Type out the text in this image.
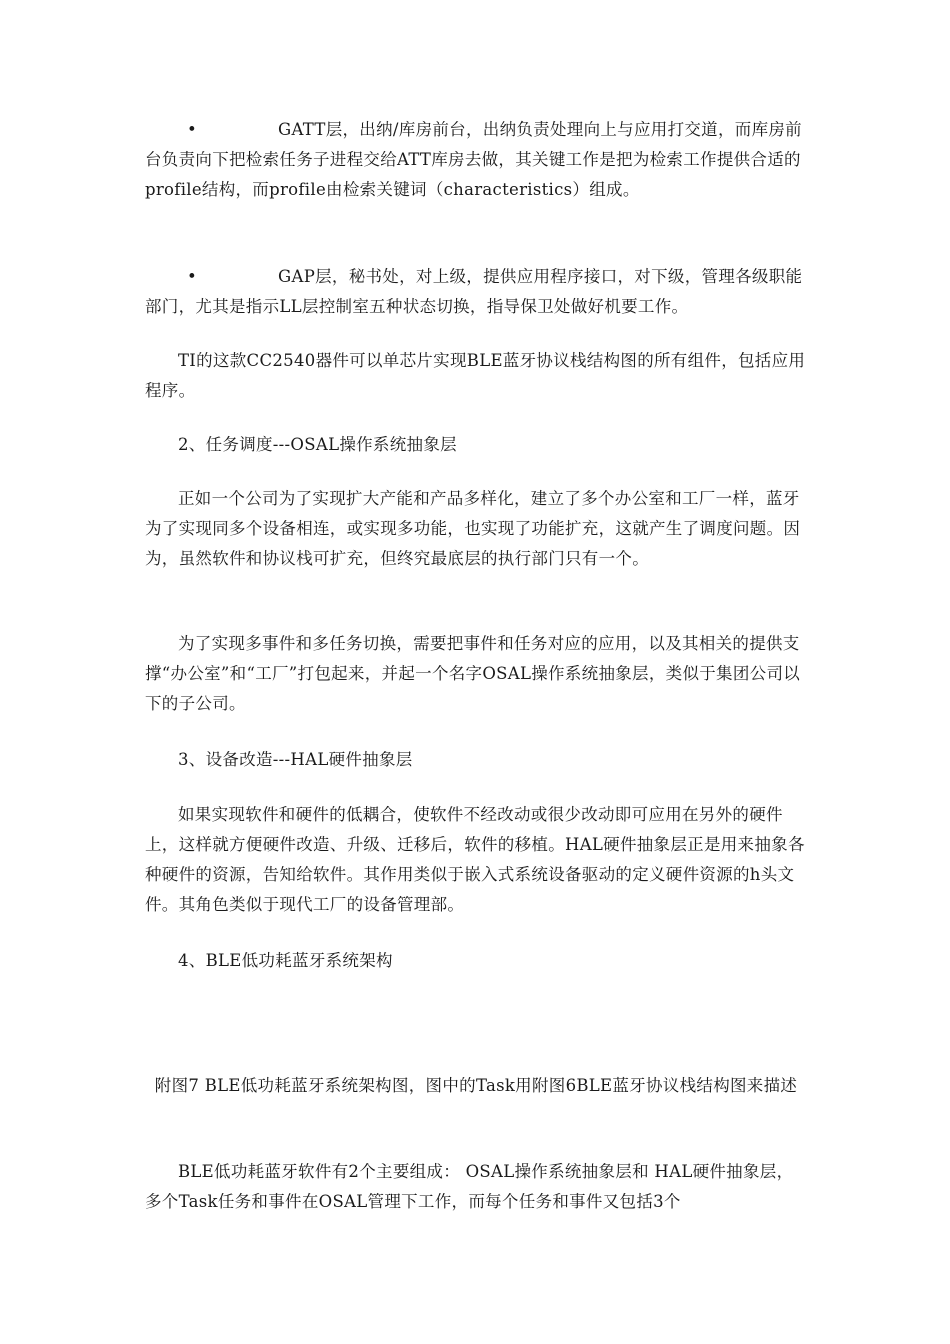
•	GATT层，出纳/库房前台，出纳负责处理向上与应用打交道，而库房前台负责向下把检索任务子进程交给ATT库房去做，其关键工作是把为检索工作提供合适的profile结构，而profile由检索关键词（characteristics）组成。

•	GAP层，秘书处，对上级，提供应用程序接口，对下级，管理各级职能部门，尤其是指示LL层控制室五种状态切换，指导保卫处做好机要工作。

TI的这款CC2540器件可以单芯片实现BLE蓝牙协议栈结构图的所有组件，包括应用程序。

2、任务调度---OSAL操作系统抽象层

正如一个公司为了实现扩大产能和产品多样化，建立了多个办公室和工厂一样，蓝牙为了实现同多个设备相连，或实现多功能，也实现了功能扩充，这就产生了调度问题。因为，虽然软件和协议栈可扩充，但终究最底层的执行部门只有一个。

为了实现多事件和多任务切换，需要把事件和任务对应的应用，以及其相关的提供支撑“办公室”和“工厂”打包起来，并起一个名字OSAL操作系统抽象层，类似于集团公司以下的子公司。

3、设备改造---HAL硬件抽象层

如果实现软件和硬件的低耦合，使软件不经改动或很少改动即可应用在另外的硬件上，这样就方便硬件改造、升级、迁移后，软件的移植。HAL硬件抽象层正是用来抽象各种硬件的资源，告知给软件。其作用类似于嵌入式系统设备驱动的定义硬件资源的h头文件。其角色类似于现代工厂的设备管理部。

4、BLE低功耗蓝牙系统架构

附图7 BLE低功耗蓝牙系统架构图，图中的Task用附图6BLE蓝牙协议栈结构图来描述

BLE低功耗蓝牙软件有2个主要组成： OSAL操作系统抽象层和 HAL硬件抽象层，多个Task任务和事件在OSAL管理下工作，而每个任务和事件又包括3个
